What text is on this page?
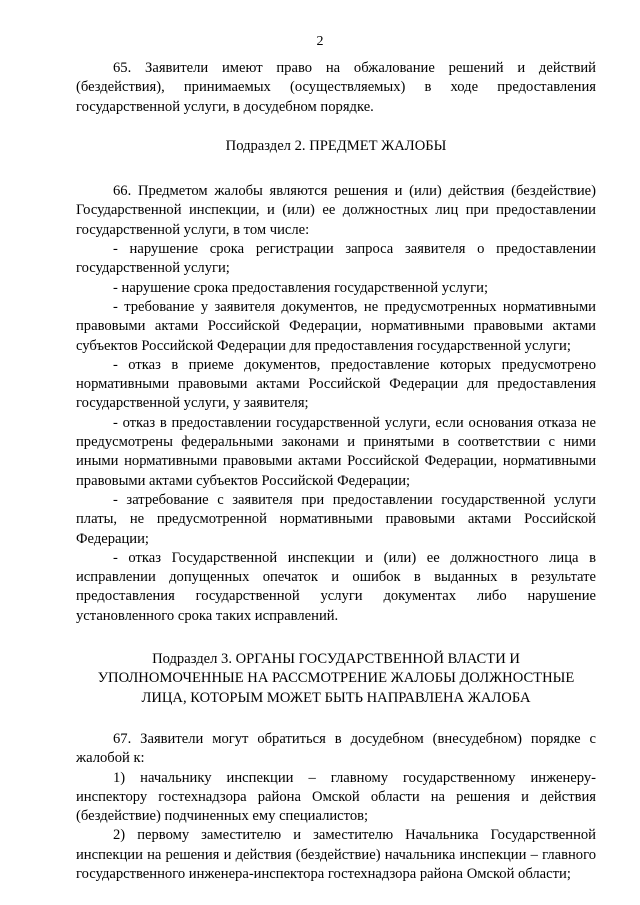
2

65. Заявители имеют право на обжалование решений и действий (бездействия), принимаемых (осуществляемых) в ходе предоставления государственной услуги, в досудебном порядке.

Подраздел 2. ПРЕДМЕТ ЖАЛОБЫ

66. Предметом жалобы являются решения и (или) действия (бездействие) Государственной инспекции, и (или) ее должностных лиц при предоставлении государственной услуги, в том числе:

- нарушение срока регистрации запроса заявителя о предоставлении государственной услуги;

- нарушение срока предоставления государственной услуги;

- требование у заявителя документов, не предусмотренных нормативными правовыми актами Российской Федерации, нормативными правовыми актами субъектов Российской Федерации для предоставления государственной услуги;

- отказ в приеме документов, предоставление которых предусмотрено нормативными правовыми актами Российской Федерации для предоставления государственной услуги, у заявителя;

- отказ в предоставлении государственной услуги, если основания отказа не предусмотрены федеральными законами и принятыми в соответствии с ними иными нормативными правовыми актами Российской Федерации, нормативными правовыми актами субъектов Российской Федерации;

- затребование с заявителя при предоставлении государственной услуги платы, не предусмотренной нормативными правовыми актами Российской Федерации;

- отказ Государственной инспекции и (или) ее должностного лица в исправлении допущенных опечаток и ошибок в выданных в результате предоставления государственной услуги документах либо нарушение установленного срока таких исправлений.

Подраздел 3. ОРГАНЫ ГОСУДАРСТВЕННОЙ ВЛАСТИ И

УПОЛНОМОЧЕННЫЕ НА РАССМОТРЕНИЕ ЖАЛОБЫ ДОЛЖНОСТНЫЕ

ЛИЦА, КОТОРЫМ МОЖЕТ БЫТЬ НАПРАВЛЕНА ЖАЛОБА

67. Заявители могут обратиться в досудебном (внесудебном) порядке с жалобой к:

1) начальнику инспекции – главному государственному инженеру-инспектору гостехнадзора района Омской области на решения и действия (бездействие) подчиненных ему специалистов;

2) первому заместителю и заместителю Начальника Государственной инспекции на решения и действия (бездействие) начальника инспекции – главного государственного инженера-инспектора гостехнадзора района Омской области;
